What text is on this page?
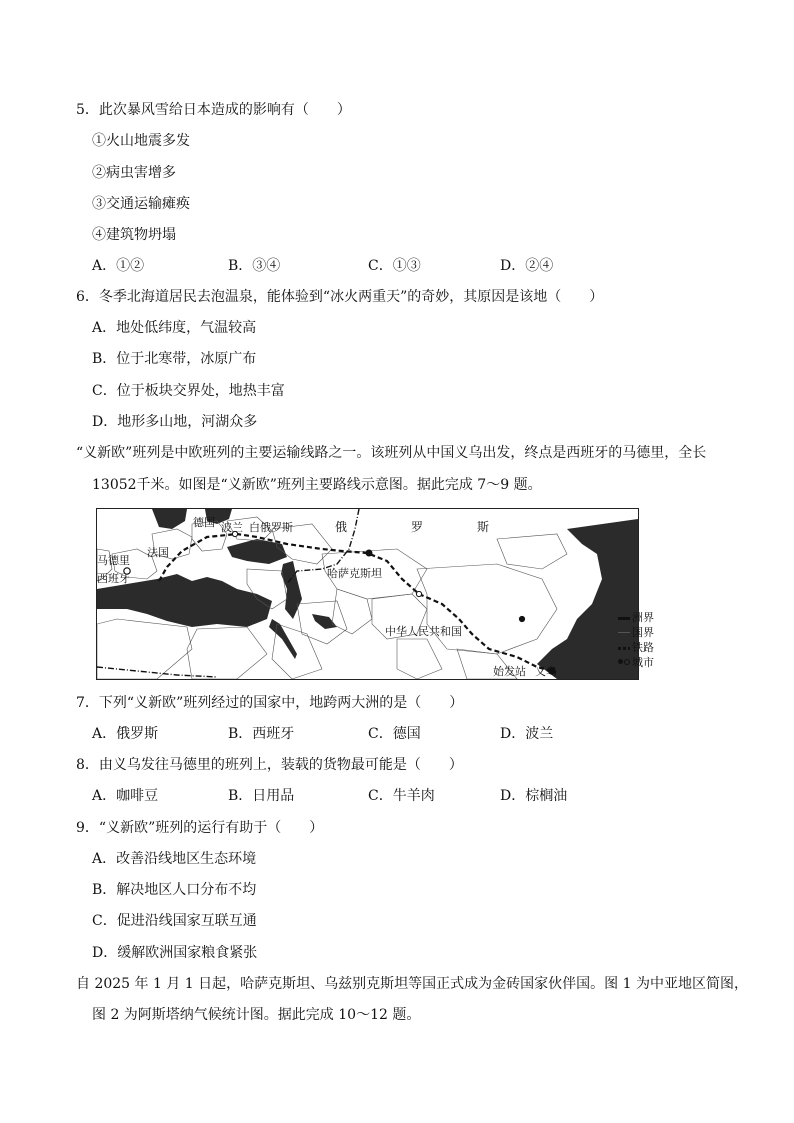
5．此次暴风雪给日本造成的影响有（　　）
①火山地震多发
②病虫害增多
③交通运输瘫痪
④建筑物坍塌
A．①②	B．③④	C．①③	D．②④
6．冬季北海道居民去泡温泉，能体验到“冰火两重天”的奇妙，其原因是该地（　　）
A．地处低纬度，气温较高
B．位于北寒带，冰原广布
C．位于板块交界处，地热丰富
D．地形多山地，河湖众多
“义新欧”班列是中欧班列的主要运输线路之一。该班列从中国义乌出发，终点是西班牙的马德里，全长
13052千米。如图是“义新欧”班列主要路线示意图。据此完成 7～9 题。
德国 波兰 白俄罗斯	俄	罗	斯
马德里
法国
西班牙	哈萨克斯坦
中华人民共和国
始发站 义乌
洲界
国界
铁路
城市
7．下列“义新欧”班列经过的国家中，地跨两大洲的是（　　）
A．俄罗斯	B．西班牙	C．德国	D．波兰
8．由义乌发往马德里的班列上，装载的货物最可能是（　　）
A．咖啡豆	B．日用品	C．牛羊肉	D．棕榈油
9．“义新欧”班列的运行有助于（　　）
A．改善沿线地区生态环境
B．解决地区人口分布不均
C．促进沿线国家互联互通
D．缓解欧洲国家粮食紧张
自 2025 年 1 月 1 日起，哈萨克斯坦、乌兹别克斯坦等国正式成为金砖国家伙伴国。图 1 为中亚地区简图，
图 2 为阿斯塔纳气候统计图。据此完成 10～12 题。
